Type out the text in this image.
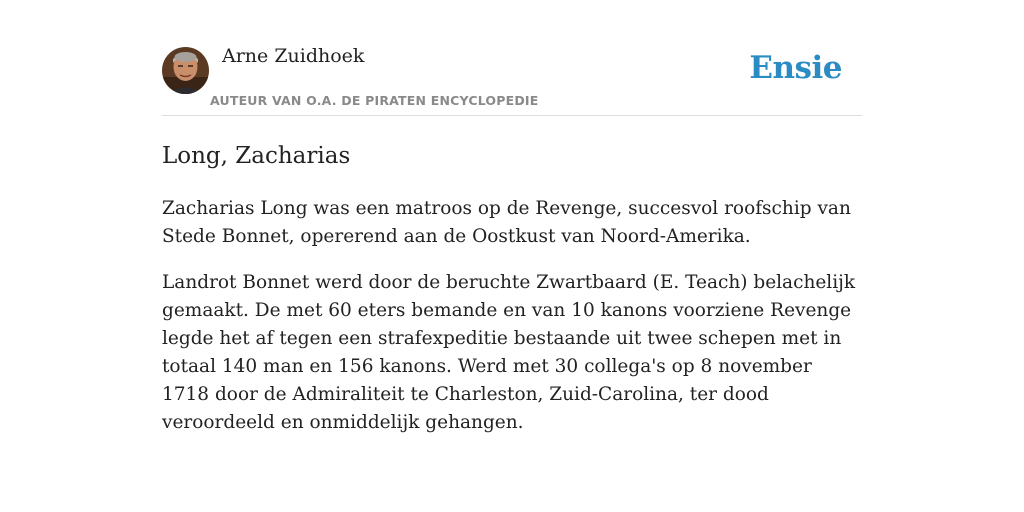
Arne Zuidhoek
AUTEUR VAN O.A. DE PIRATEN ENCYCLOPEDIE
Ensie
Long, Zacharias

Zacharias Long was een matroos op de Revenge, succesvol roofschip van Stede Bonnet, opererend aan de Oostkust van Noord-Amerika.

Landrot Bonnet werd door de beruchte Zwartbaard (E. Teach) belachelijk gemaakt. De met 60 eters bemande en van 10 kanons voorziene Revenge legde het af tegen een strafexpeditie bestaande uit twee schepen met in totaal 140 man en 156 kanons. Werd met 30 collega's op 8 november 1718 door de Admiraliteit te Charleston, Zuid-Carolina, ter dood veroordeeld en onmiddelijk gehangen.
